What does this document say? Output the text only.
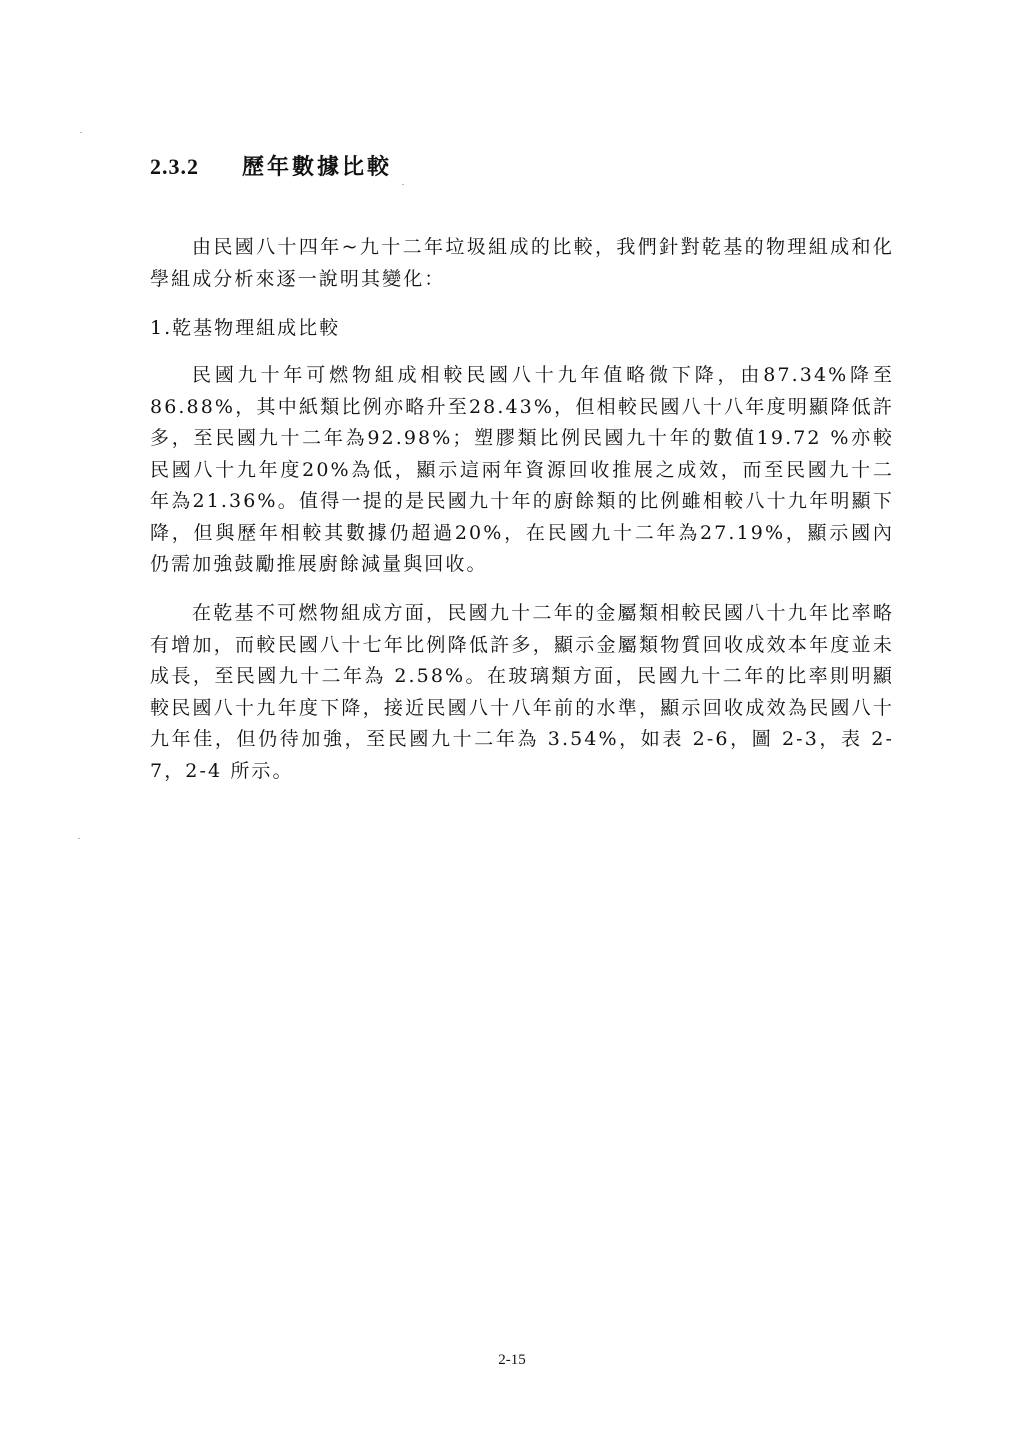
2.3.2	歷年數據比較

由民國八十四年~九十二年垃圾組成的比較，我們針對乾基的物理組成和化學組成分析來逐一說明其變化：

1.乾基物理組成比較

民國九十年可燃物組成相較民國八十九年值略微下降，由87.34%降至86.88%，其中紙類比例亦略升至28.43%，但相較民國八十八年度明顯降低許多，至民國九十二年為92.98%；塑膠類比例民國九十年的數值19.72 %亦較民國八十九年度20%為低，顯示這兩年資源回收推展之成效，而至民國九十二年為21.36%。值得一提的是民國九十年的廚餘類的比例雖相較八十九年明顯下降，但與歷年相較其數據仍超過20%，在民國九十二年為27.19%，顯示國內仍需加強鼓勵推展廚餘減量與回收。

在乾基不可燃物組成方面，民國九十二年的金屬類相較民國八十九年比率略有增加，而較民國八十七年比例降低許多，顯示金屬類物質回收成效本年度並未成長，至民國九十二年為 2.58%。在玻璃類方面，民國九十二年的比率則明顯較民國八十九年度下降，接近民國八十八年前的水準，顯示回收成效為民國八十九年佳，但仍待加強，至民國九十二年為 3.54%，如表 2-6，圖 2-3，表 2-7，2-4 所示。

2-15
